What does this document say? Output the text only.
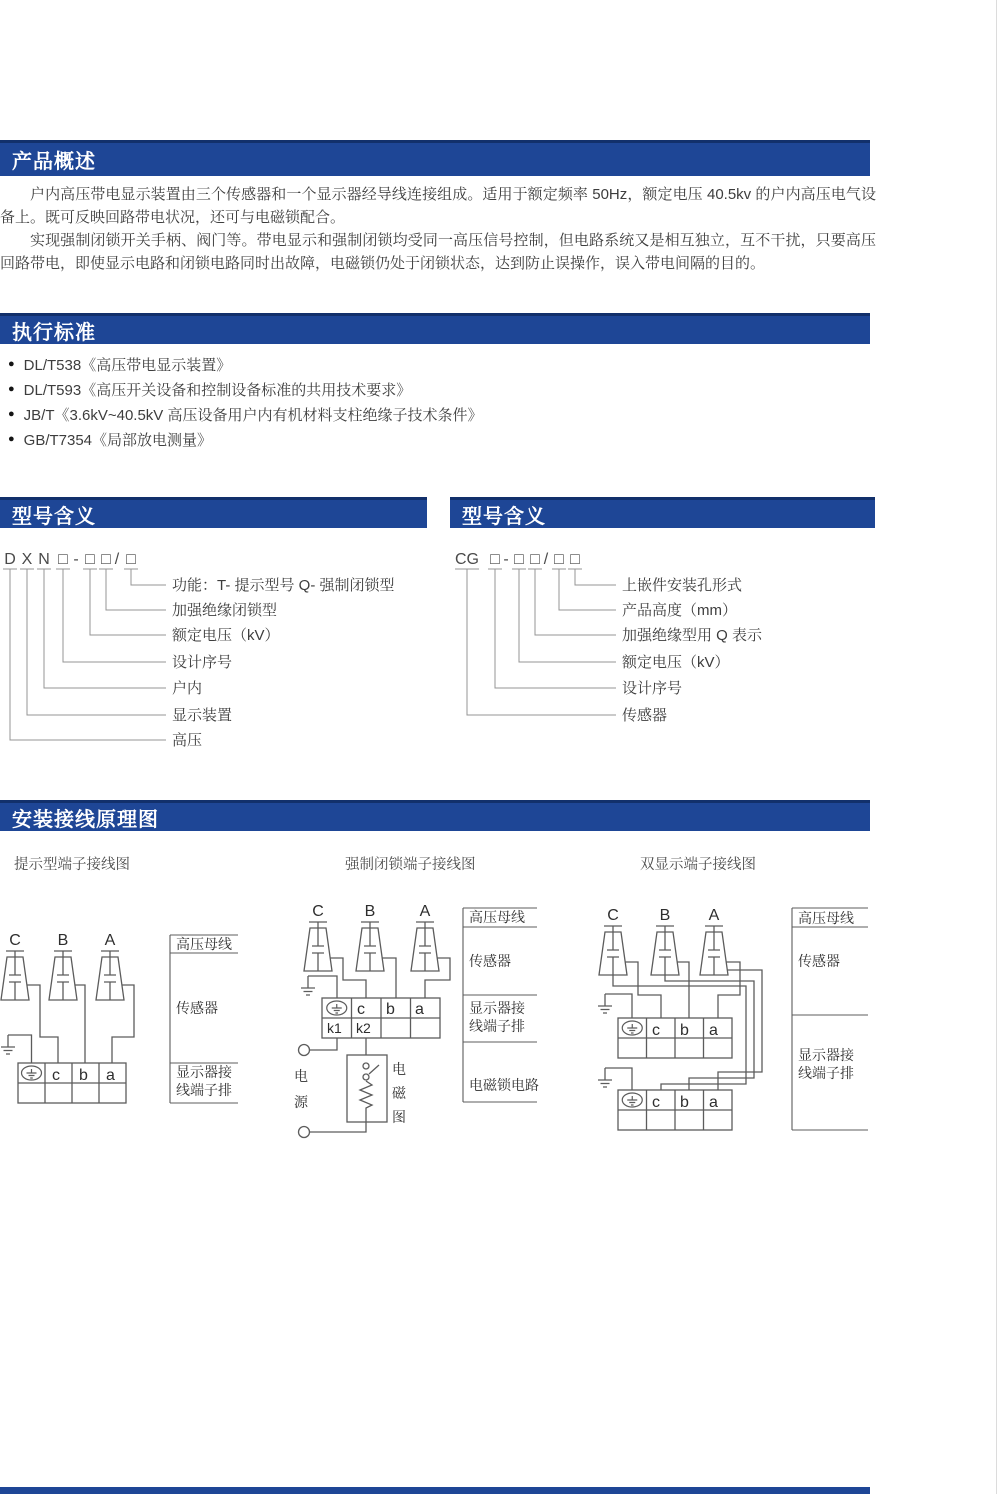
产品概述
户内高压带电显示装置由三个传感器和一个显示器经导线连接组成。适用于额定频率 50Hz，额定电压 40.5kv 的户内高压电气设备上。既可反映回路带电状况，还可与电磁锁配合。
实现强制闭锁开关手柄、阀门等。带电显示和强制闭锁均受同一高压信号控制，但电路系统又是相互独立，互不干扰，只要高压回路带电，即使显示电路和闭锁电路同时出故障，电磁锁仍处于闭锁状态，达到防止误操作，误入带电间隔的目的。
执行标准
● DL/T538《高压带电显示装置》
● DL/T593《高压开关设备和控制设备标准的共用技术要求》
● JB/T《3.6kV~40.5kV 高压设备用户内有机材料支柱绝缘子技术条件》
● GB/T7354《局部放电测量》
型号含义	型号含义
D X N □ - □ □ / □
功能：T- 提示型号 Q- 强制闭锁型
加强绝缘闭锁型
额定电压（kV）
设计序号
户内
显示装置
高压
CG □ - □ □ / □ □
上嵌件安装孔形式
产品高度（mm）
加强绝缘型用 Q 表示
额定电压（kV）
设计序号
传感器
安装接线原理图
提示型端子接线图	强制闭锁端子接线图	双显示端子接线图
C B A
c b a
高压母线
传感器
显示器接
线端子排
C	B	A
c b a
k1 k2
电
源
电
磁
图
高压母线
传感器
显示器接
线端子排
电磁锁电路
C	B A
c b a
c b a
高压母线
传感器
显示器接
线端子排
